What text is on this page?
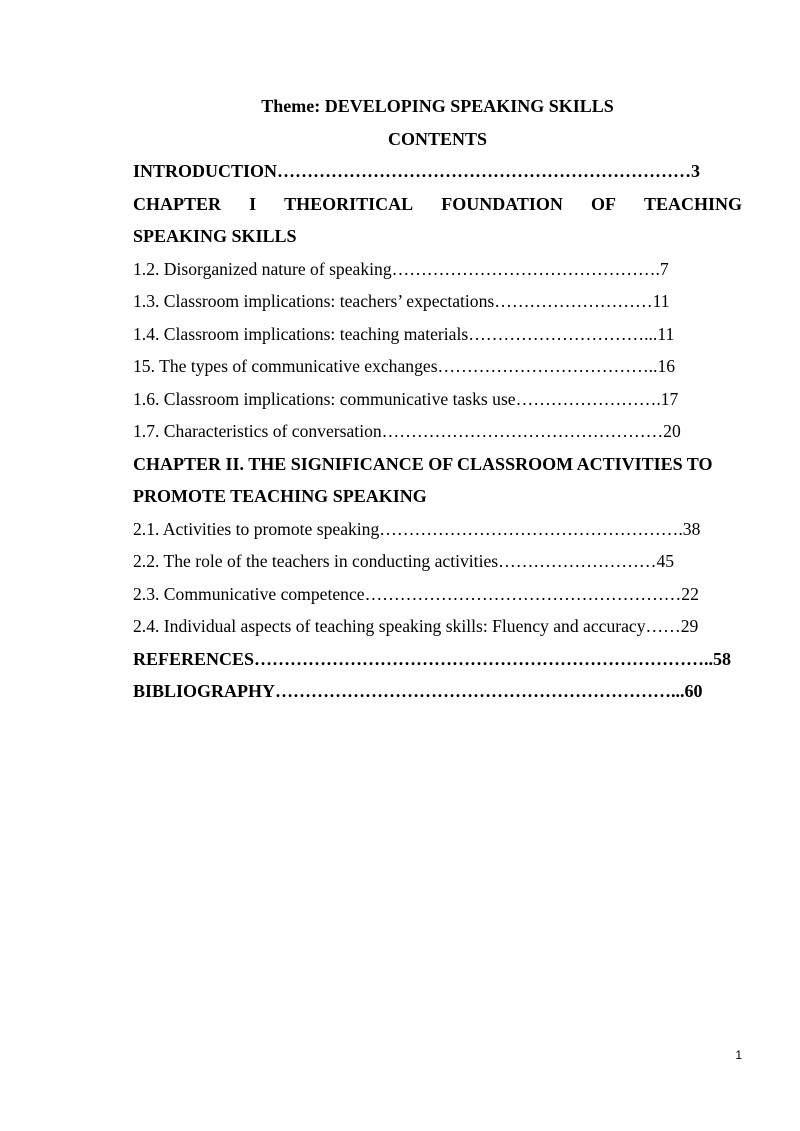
Theme: DEVELOPING SPEAKING SKILLS
CONTENTS
INTRODUCTION……………………………………………………………3
CHAPTER I THEORITICAL FOUNDATION OF TEACHING
SPEAKING SKILLS
1.2. Disorganized nature of speaking……………………………………….7
1.3. Classroom implications: teachers’ expectations………………………11
1.4. Classroom implications: teaching materials…………………………...11
15. The types of communicative exchanges………………………………..16
1.6. Classroom implications: communicative tasks use…………………….17
1.7. Characteristics of conversation…………………………………………20
CHAPTER II. THE SIGNIFICANCE OF CLASSROOM ACTIVITIES TO
PROMOTE TEACHING SPEAKING
2.1. Activities to promote speaking…………………………………………….38
2.2. The role of the teachers in conducting activities………………………45
2.3. Communicative competence………………………………………………22
2.4. Individual aspects of teaching speaking skills: Fluency and accuracy……29
REFERENCES…………………………………………………………………..58
BIBLIOGRAPHY…………………………………………………………...60
1
